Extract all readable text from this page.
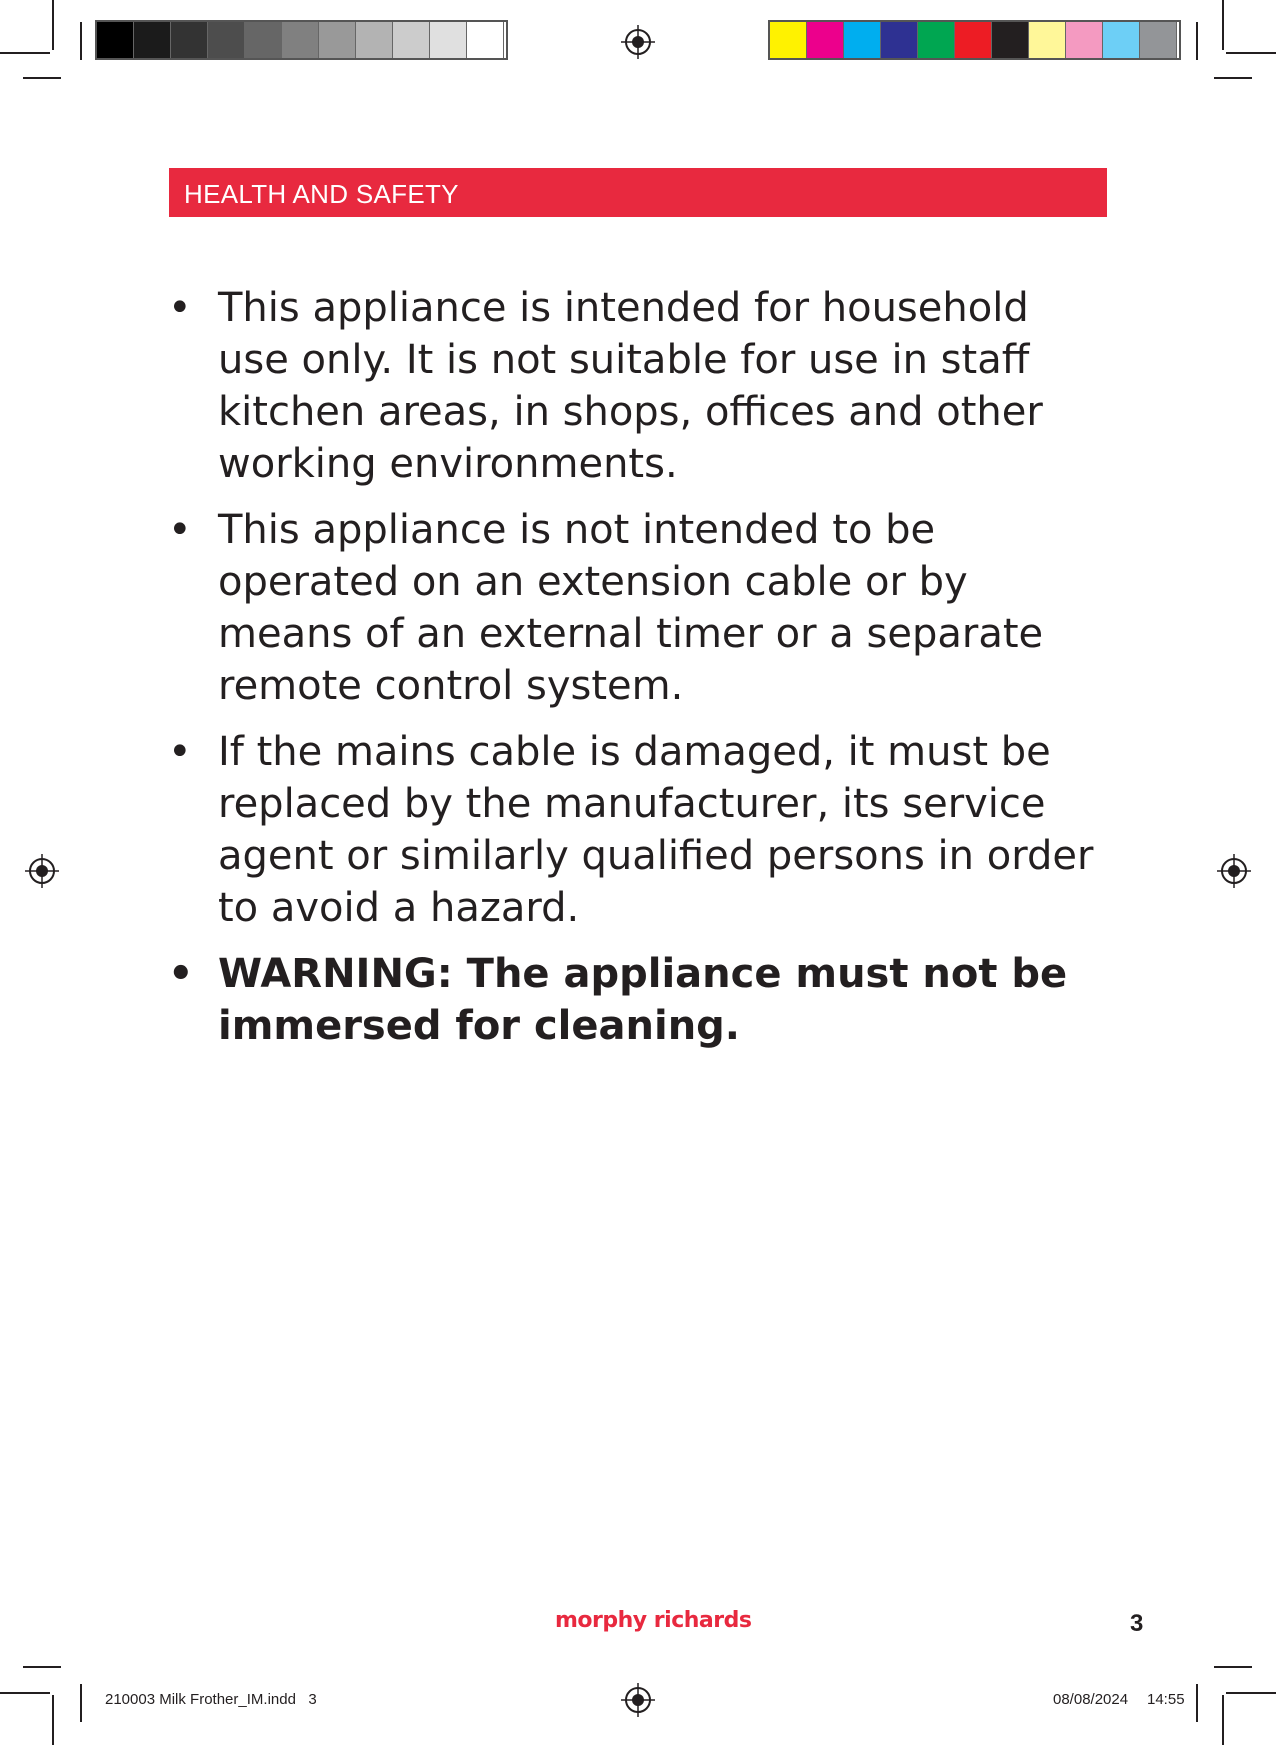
HEALTH AND SAFETY
• This appliance is intended for household use only. It is not suitable for use in staff kitchen areas, in shops, offices and other working environments.
• This appliance is not intended to be operated on an extension cable or by means of an external timer or a separate remote control system.
• If the mains cable is damaged, it must be replaced by the manufacturer, its service agent or similarly qualified persons in order to avoid a hazard.
• WARNING: The appliance must not be immersed for cleaning.
morphy richards	3
210003 Milk Frother_IM.indd   3	08/08/2024 14:55
